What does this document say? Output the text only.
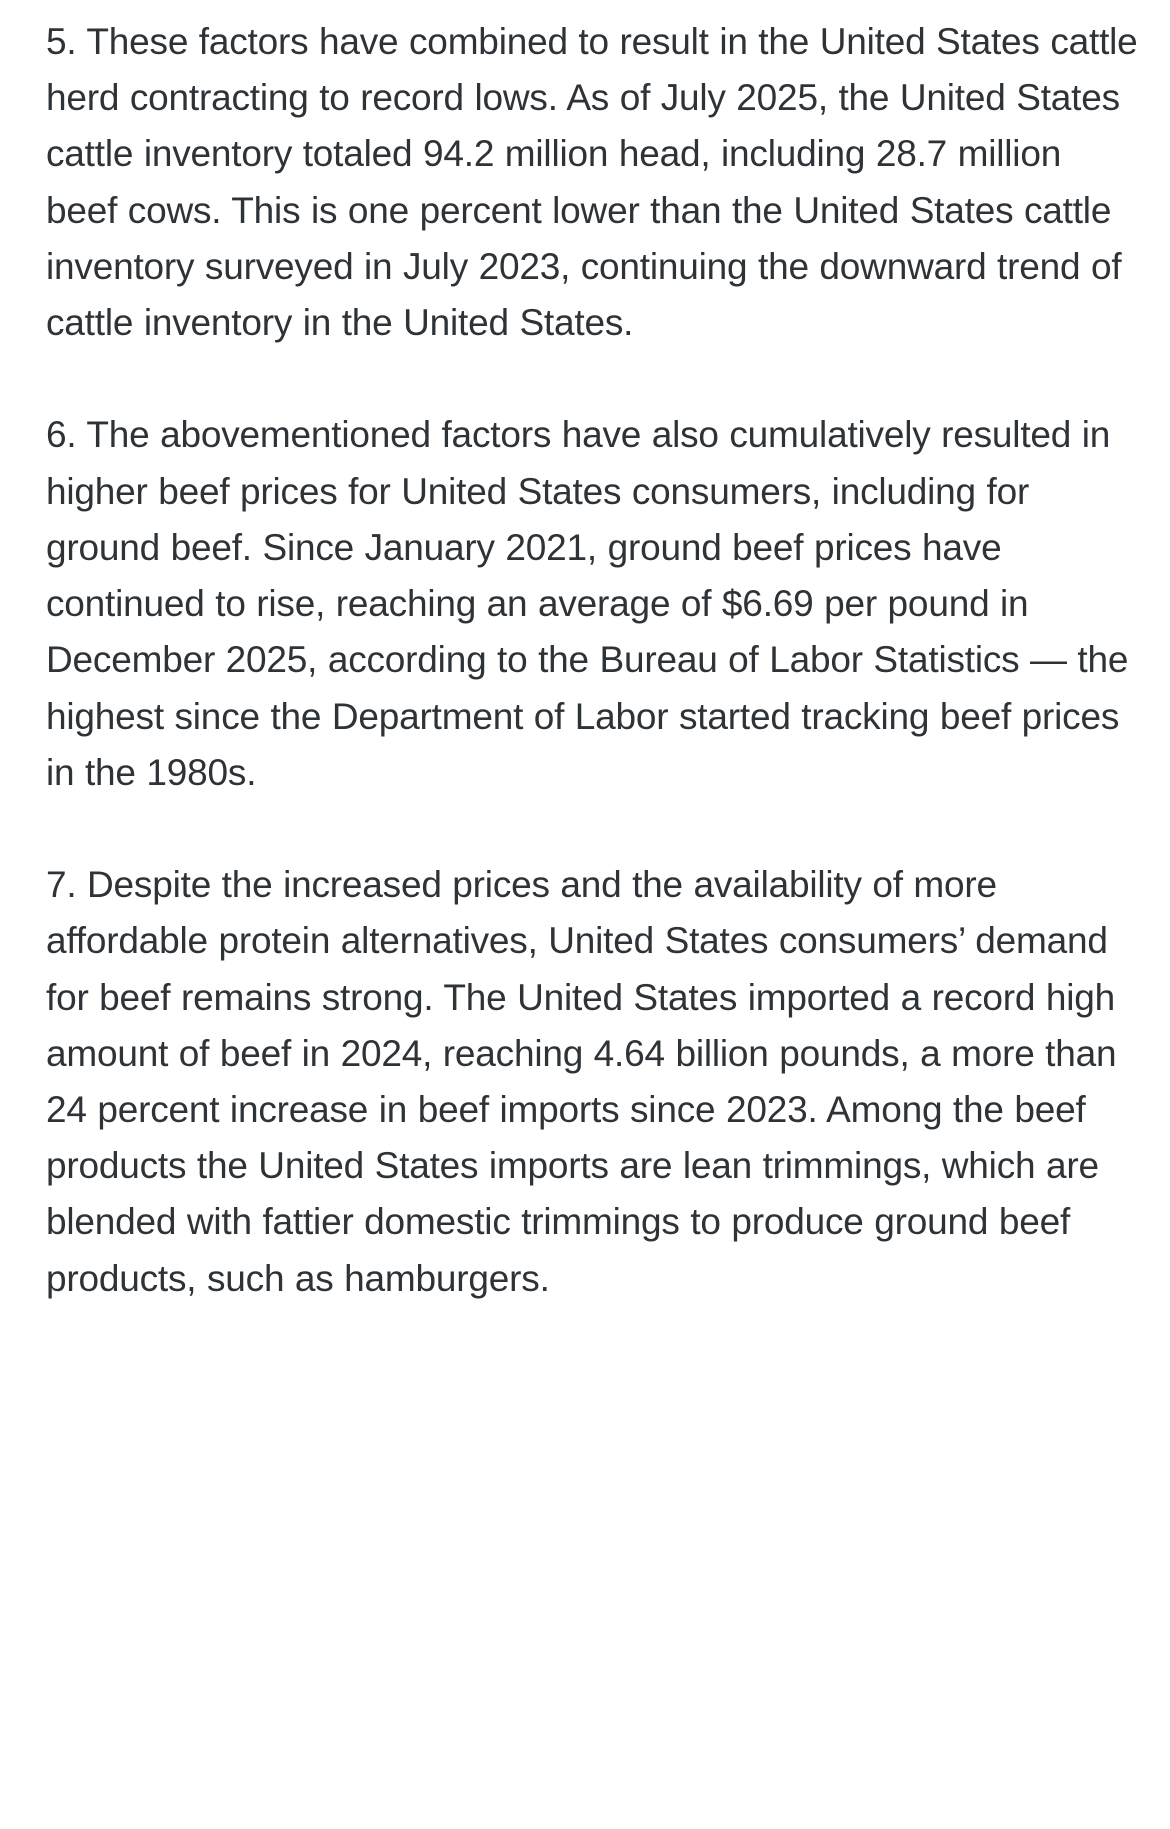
5. These factors have combined to result in the United States cattle herd contracting to record lows. As of July 2025, the United States cattle inventory totaled 94.2 million head, including 28.7 million beef cows. This is one percent lower than the United States cattle inventory surveyed in July 2023, continuing the downward trend of cattle inventory in the United States.

6. The abovementioned factors have also cumulatively resulted in higher beef prices for United States consumers, including for ground beef. Since January 2021, ground beef prices have continued to rise, reaching an average of $6.69 per pound in December 2025, according to the Bureau of Labor Statistics — the highest since the Department of Labor started tracking beef prices in the 1980s.

7. Despite the increased prices and the availability of more affordable protein alternatives, United States consumers’ demand for beef remains strong. The United States imported a record high amount of beef in 2024, reaching 4.64 billion pounds, a more than 24 percent increase in beef imports since 2023. Among the beef products the United States imports are lean trimmings, which are blended with fattier domestic trimmings to produce ground beef products, such as hamburgers.
